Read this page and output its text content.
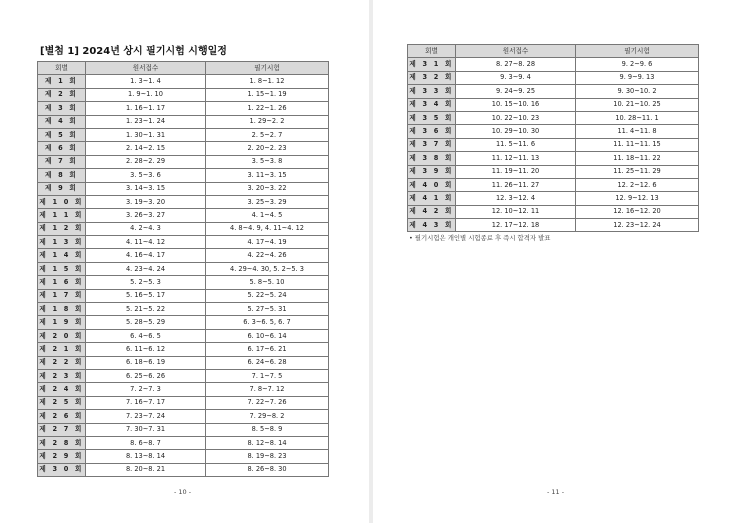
[별첨 1] 2024년 상시 필기시험 시행일정
회별	원서접수	필기시험
제 1 회	1. 3~1. 4	1. 8~1. 12
제 2 회	1. 9~1. 10	1. 15~1. 19
제 3 회	1. 16~1. 17	1. 22~1. 26
제 4 회	1. 23~1. 24	1. 29~2. 2
제 5 회	1. 30~1. 31	2. 5~2. 7
제 6 회	2. 14~2. 15	2. 20~2. 23
제 7 회	2. 28~2. 29	3. 5~3. 8
제 8 회	3. 5~3. 6	3. 11~3. 15
제 9 회	3. 14~3. 15	3. 20~3. 22
제 1 0 회	3. 19~3. 20	3. 25~3. 29
제 1 1 회	3. 26~3. 27	4. 1~4. 5
제 1 2 회	4. 2~4. 3	4. 8~4. 9, 4. 11~4. 12
제 1 3 회	4. 11~4. 12	4. 17~4. 19
제 1 4 회	4. 16~4. 17	4. 22~4. 26
제 1 5 회	4. 23~4. 24	4. 29~4. 30, 5. 2~5. 3
제 1 6 회	5. 2~5. 3	5. 8~5. 10
제 1 7 회	5. 16~5. 17	5. 22~5. 24
제 1 8 회	5. 21~5. 22	5. 27~5. 31
제 1 9 회	5. 28~5. 29	6. 3~6. 5, 6. 7
제 2 0 회	6. 4~6. 5	6. 10~6. 14
제 2 1 회	6. 11~6. 12	6. 17~6. 21
제 2 2 회	6. 18~6. 19	6. 24~6. 28
제 2 3 회	6. 25~6. 26	7. 1~7. 5
제 2 4 회	7. 2~7. 3	7. 8~7. 12
제 2 5 회	7. 16~7. 17	7. 22~7. 26
제 2 6 회	7. 23~7. 24	7. 29~8. 2
제 2 7 회	7. 30~7. 31	8. 5~8. 9
제 2 8 회	8. 6~8. 7	8. 12~8. 14
제 2 9 회	8. 13~8. 14	8. 19~8. 23
제 3 0 회	8. 20~8. 21	8. 26~8. 30
- 10 -
회별	원서접수	필기시험
제 3 1 회	8. 27~8. 28	9. 2~9. 6
제 3 2 회	9. 3~9. 4	9. 9~9. 13
제 3 3 회	9. 24~9. 25	9. 30~10. 2
제 3 4 회	10. 15~10. 16	10. 21~10. 25
제 3 5 회	10. 22~10. 23	10. 28~11. 1
제 3 6 회	10. 29~10. 30	11. 4~11. 8
제 3 7 회	11. 5~11. 6	11. 11~11. 15
제 3 8 회	11. 12~11. 13	11. 18~11. 22
제 3 9 회	11. 19~11. 20	11. 25~11. 29
제 4 0 회	11. 26~11. 27	12. 2~12. 6
제 4 1 회	12. 3~12. 4	12. 9~12. 13
제 4 2 회	12. 10~12. 11	12. 16~12. 20
제 4 3 회	12. 17~12. 18	12. 23~12. 24
• 필기시험은 개인별 시험종료 후 즉시 합격자 발표
- 11 -
